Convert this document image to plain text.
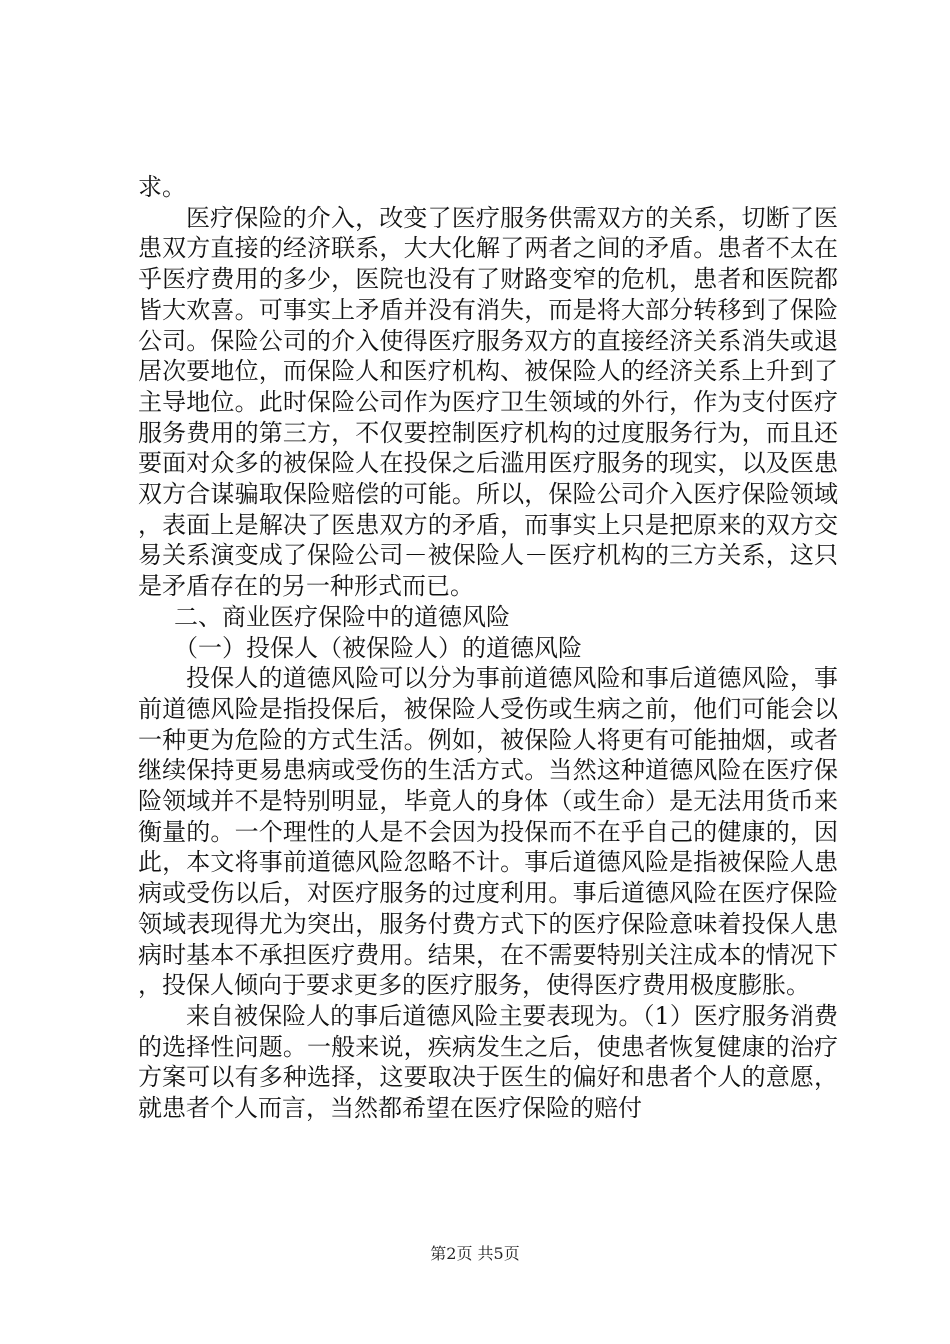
求。

医疗保险的介入，改变了医疗服务供需双方的关系，切断了医患双方直接的经济联系，大大化解了两者之间的矛盾。患者不太在乎医疗费用的多少，医院也没有了财路变窄的危机，患者和医院都皆大欢喜。可事实上矛盾并没有消失，而是将大部分转移到了保险公司。保险公司的介入使得医疗服务双方的直接经济关系消失或退居次要地位，而保险人和医疗机构、被保险人的经济关系上升到了主导地位。此时保险公司作为医疗卫生领域的外行，作为支付医疗服务费用的第三方，不仅要控制医疗机构的过度服务行为，而且还要面对众多的被保险人在投保之后滥用医疗服务的现实，以及医患双方合谋骗取保险赔偿的可能。所以，保险公司介入医疗保险领域，表面上是解决了医患双方的矛盾，而事实上只是把原来的双方交易关系演变成了保险公司－被保险人－医疗机构的三方关系，这只是矛盾存在的另一种形式而已。

二、商业医疗保险中的道德风险

（一）投保人（被保险人）的道德风险

投保人的道德风险可以分为事前道德风险和事后道德风险，事前道德风险是指投保后，被保险人受伤或生病之前，他们可能会以一种更为危险的方式生活。例如，被保险人将更有可能抽烟，或者继续保持更易患病或受伤的生活方式。当然这种道德风险在医疗保险领域并不是特别明显，毕竟人的身体（或生命）是无法用货币来衡量的。一个理性的人是不会因为投保而不在乎自己的健康的，因此，本文将事前道德风险忽略不计。事后道德风险是指被保险人患病或受伤以后，对医疗服务的过度利用。事后道德风险在医疗保险领域表现得尤为突出，服务付费方式下的医疗保险意味着投保人患病时基本不承担医疗费用。结果，在不需要特别关注成本的情况下，投保人倾向于要求更多的医疗服务，使得医疗费用极度膨胀。

来自被保险人的事后道德风险主要表现为。（1）医疗服务消费的选择性问题。一般来说，疾病发生之后，使患者恢复健康的治疗方案可以有多种选择，这要取决于医生的偏好和患者个人的意愿，就患者个人而言，当然都希望在医疗保险的赔付

第2页 共5页
